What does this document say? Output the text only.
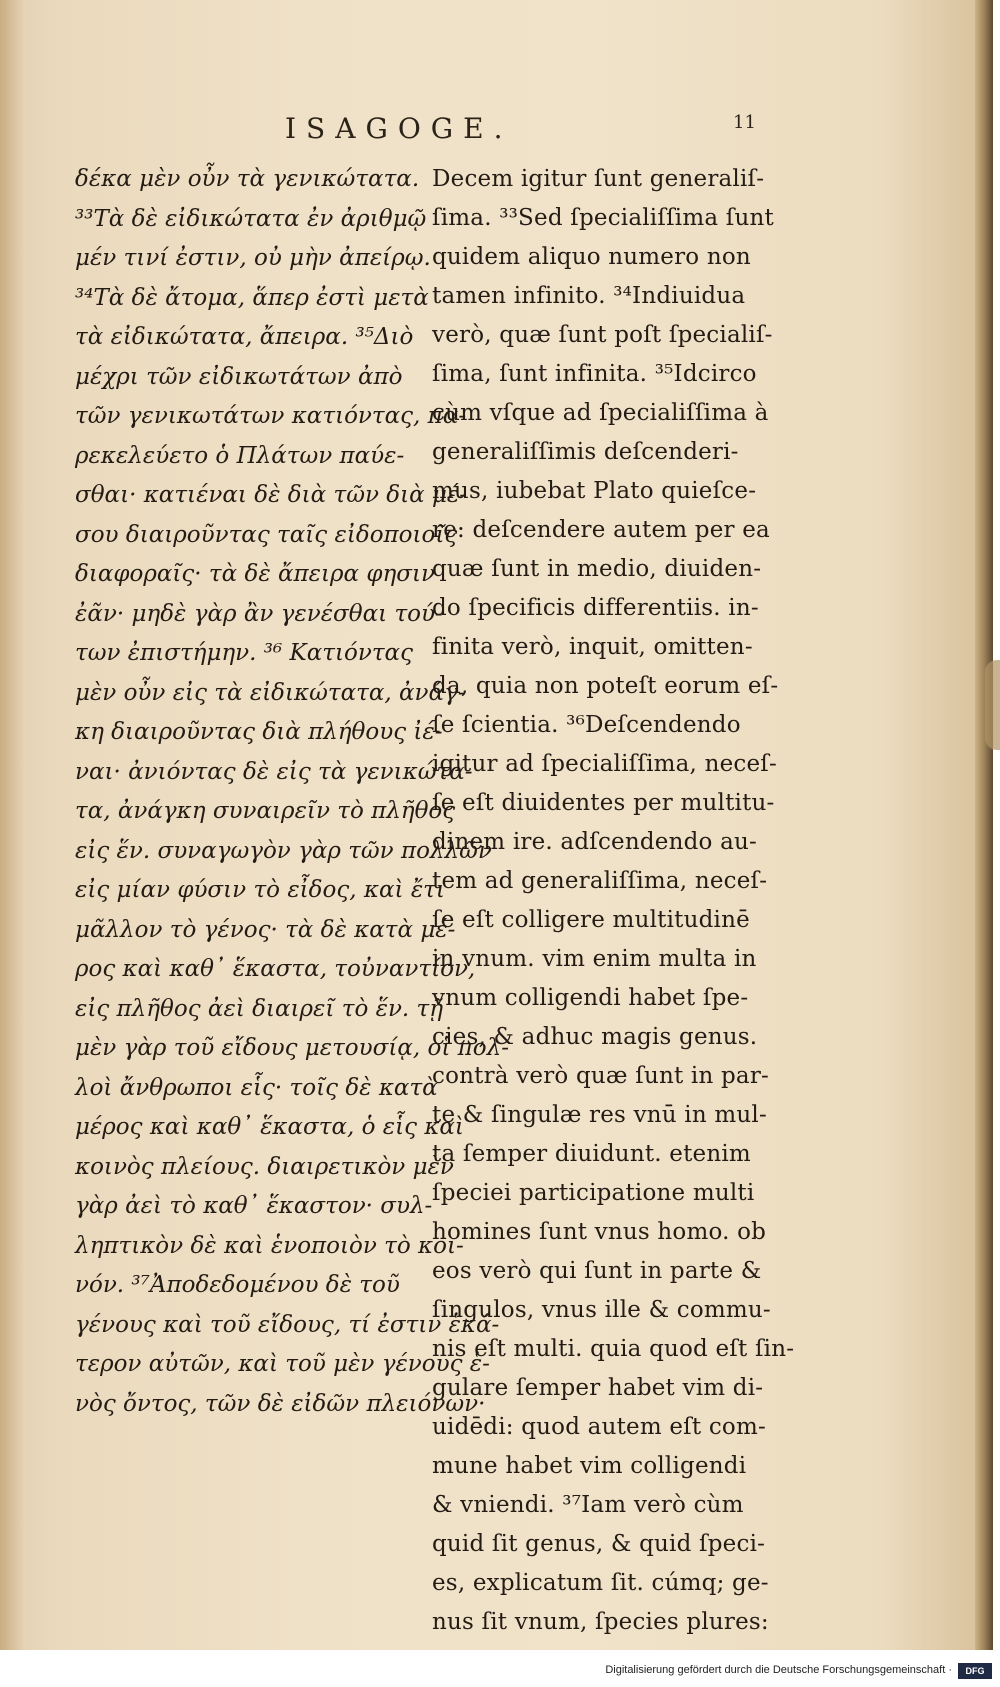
ISAGOGE.	11
δέκα μὲν οὖν τὰ γενικώτατα.
³³Τὰ δὲ εἰδικώτατα ἐν ἀριθμῷ
μέν τινί ἐστιν, οὐ μὴν ἀπείρῳ.
³⁴Τὰ δὲ ἄτομα, ἅπερ ἐστὶ μετὰ
τὰ εἰδικώτατα, ἄπειρα. ³⁵Διὸ
μέχρι τῶν εἰδικωτάτων ἀπὸ
τῶν γενικωτάτων κατιόντας, πα-
ρεκελεύετο ὁ Πλάτων παύε-
σθαι· κατιέναι δὲ διὰ τῶν διὰ μέ-
σου διαιροῦντας ταῖς εἰδοποιοῖς
διαφοραῖς· τὰ δὲ ἄπειρα φησιν
ἐᾶν· μηδὲ γὰρ ἂν γενέσθαι τού-
των ἐπιστήμην. ³⁶ Κατιόντας
μὲν οὖν εἰς τὰ εἰδικώτατα, ἀνάγ-
κη διαιροῦντας διὰ πλήθους ἰέ-
ναι· ἀνιόντας δὲ εἰς τὰ γενικώτα-
τα, ἀνάγκη συναιρεῖν τὸ πλῆθος
εἰς ἕν. συναγωγὸν γὰρ τῶν πολλῶν
εἰς μίαν φύσιν τὸ εἶδος, καὶ ἔτι
μᾶλλον τὸ γένος· τὰ δὲ κατὰ μέ-
ρος καὶ καθ᾽ ἕκαστα, τοὐναντίον,
εἰς πλῆθος ἀεὶ διαιρεῖ τὸ ἕν. τῇ
μὲν γὰρ τοῦ εἴδους μετουσίᾳ, οἱ πολ-
λοὶ ἄνθρωποι εἷς· τοῖς δὲ κατὰ
μέρος καὶ καθ᾽ ἕκαστα, ὁ εἷς καὶ
κοινὸς πλείους. διαιρετικὸν μὲν
γὰρ ἀεὶ τὸ καθ᾽ ἕκαστον· συλ-
ληπτικὸν δὲ καὶ ἑνοποιὸν τὸ κοι-
νόν. ³⁷Ἀποδεδομένου δὲ τοῦ
γένους καὶ τοῦ εἴδους, τί ἐστιν ἑκά-
τερον αὐτῶν, καὶ τοῦ μὲν γένους ἑ-
νὸς ὄντος, τῶν δὲ εἰδῶν πλειόνων·
Decem igitur ſunt generaliſ-
ſima. ³³Sed ſpecialiſſima ſunt
quidem aliquo numero non
tamen infinito. ³⁴Indiuidua
verò, quæ ſunt poſt ſpecialiſ-
ſima, ſunt infinita. ³⁵Idcirco
cùm vſque ad ſpecialiſſima à
generaliſſimis deſcenderi-
mus, iubebat Plato quieſce-
re: deſcendere autem per ea
quæ ſunt in medio, diuiden-
do ſpecificis differentiis. in-
finita verò, inquit, omitten-
da, quia non poteſt eorum eſ-
ſe ſcientia. ³⁶Deſcendendo
igitur ad ſpecialiſſima, neceſ-
ſe eſt diuidentes per multitu-
dinem ire. adſcendendo au-
tem ad generaliſſima, neceſ-
ſe eſt colligere multitudinē
in vnum. vim enim multa in
vnum colligendi habet ſpe-
cies, & adhuc magis genus.
contrà verò quæ ſunt in par-
te & ſingulæ res vnū in mul-
ta ſemper diuidunt. etenim
ſpeciei participatione multi
homines ſunt vnus homo. ob
eos verò qui ſunt in parte &
ſingulos, vnus ille & commu-
nis eſt multi. quia quod eſt ſin-
gulare ſemper habet vim di-
uidēdi: quod autem eſt com-
mune habet vim colligendi
& vniendi. ³⁷Iam verò cùm
quid ſit genus, & quid ſpeci-
es, explicatum ſit. cúmq; ge-
nus ſit vnum, ſpecies plures:
Digitalisierung gefördert durch die Deutsche Forschungsgemeinschaft ·	DFG
